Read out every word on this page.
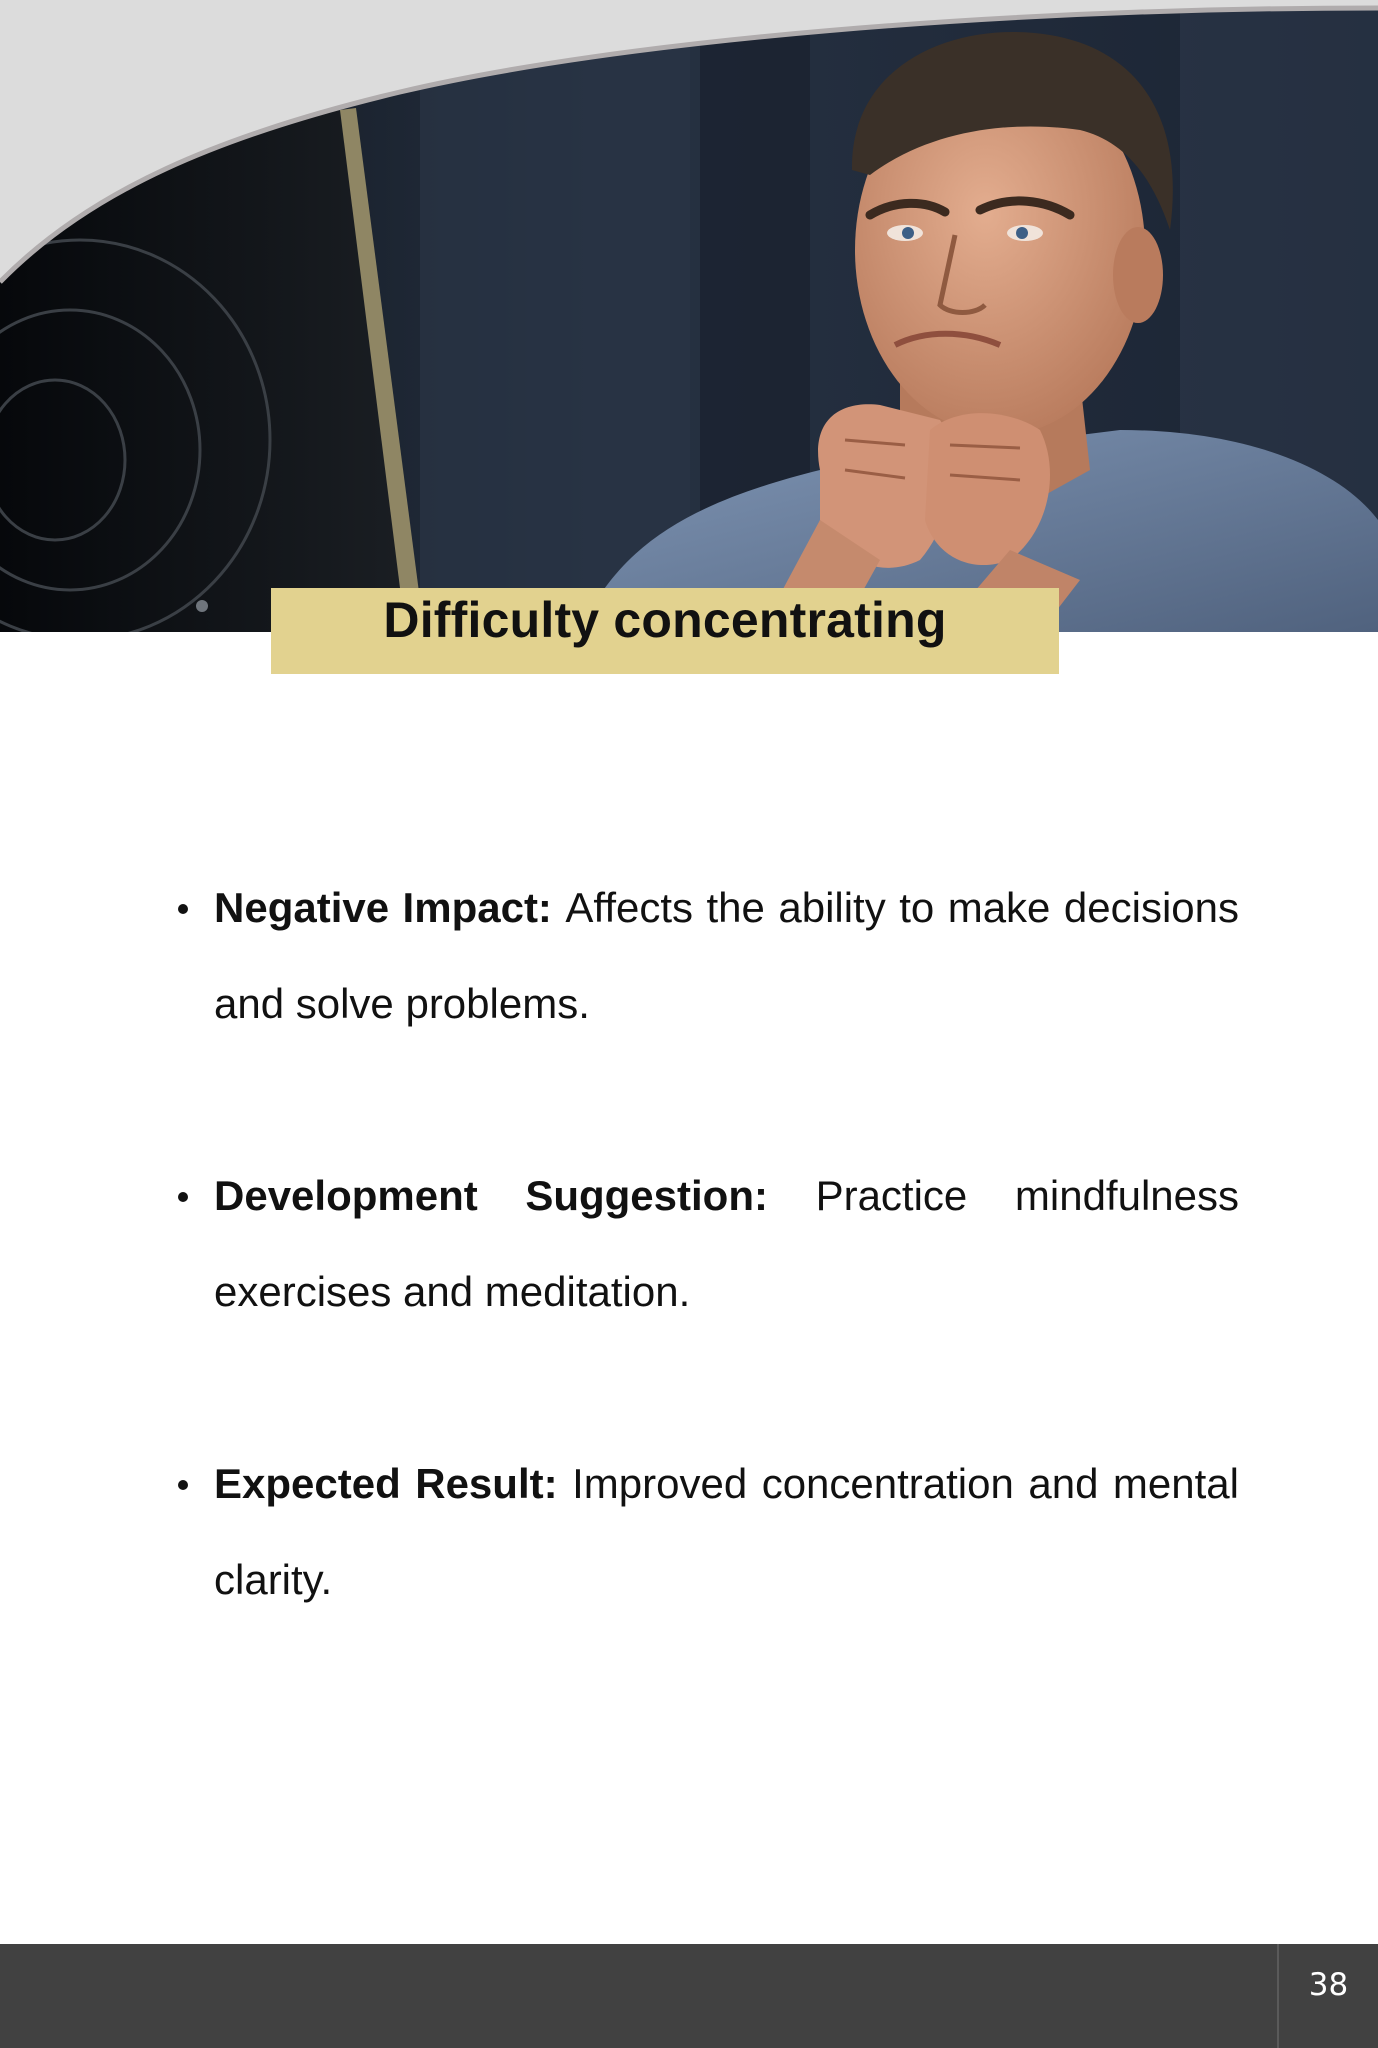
Difficulty concentrating
Negative Impact: Affects the ability to make decisions and solve problems.
Development Suggestion: Practice mindfulness exercises and meditation.
Expected Result: Improved concentration and mental clarity.
38
